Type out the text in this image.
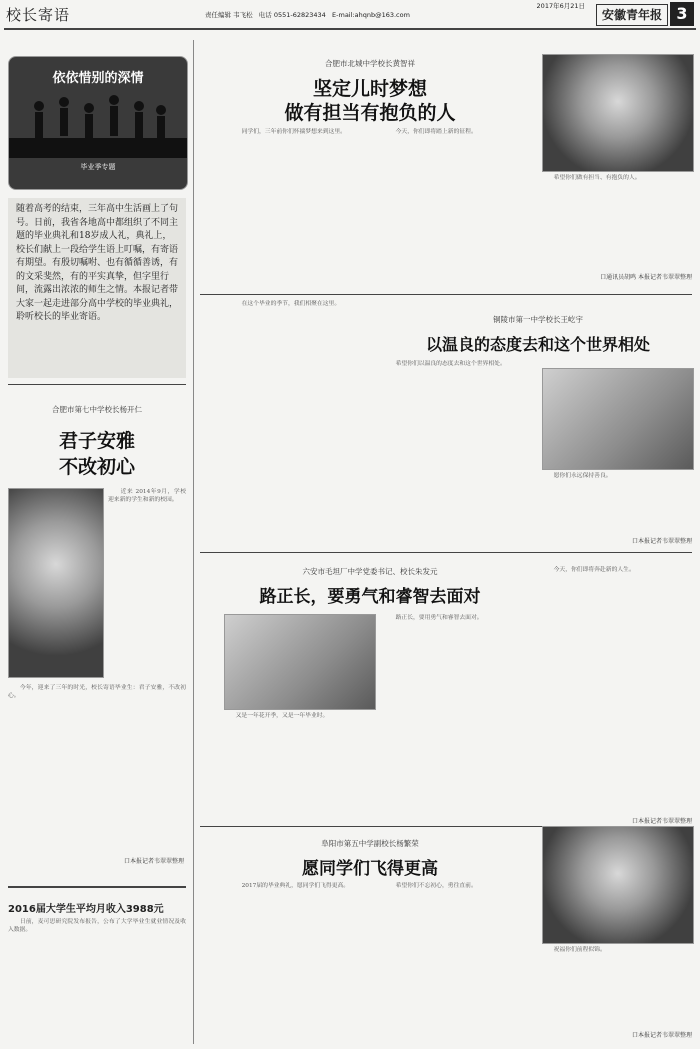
校长寄语	2017年6月21日
责任编辑 韦飞松 电话 0551-62823434 E-mail:ahqnb@163.com	安徽青年报 3
依依惜别的深情
毕业季专题
随着高考的结束，三年高中生活画上了句号。日前，我省各地高中都组织了不同主题的毕业典礼和18岁成人礼，典礼上，校长们献上一段给学生语上叮嘱，有寄语有期望。有殷切嘱咐、也有循循善诱，有的文采斐然，有的平实真挚，但字里行间，流露出浓浓的师生之情。本报记者带大家一起走进部分高中学校的毕业典礼，聆听校长的毕业寄语。
合肥市第七中学校长杨开仁
君子安雅
不改初心
　　近来 2014年9月，学校迎来新的学生和新的校园。
　　今年，迎来了三年的时光，校长寄语毕业生：君子安雅，不改初心。
口本报记者韦翠翠整理
2016届大学生平均月收入3988元
　　日前，麦可思研究院发布报告，公布了大学毕业生就业情况及收入数据。
合肥市北城中学校长黄智祥
坚定儿时梦想
做有担当有抱负的人
　　同学们，三年前你们怀揣梦想来到这里。	　　今天，你们即将踏上新的征程。
　　希望你们做有担当、有抱负的人。
口通讯员胡鸣 本报记者韦翠翠整理
　　在这个毕业的季节，我们相聚在这里。
铜陵市第一中学校长王屹宇
以温良的态度去和这个世界相处
　　希望你们以温良的态度去和这个世界相处。
　　愿你们永远保持善良。
口本报记者韦翠翠整理
六安市毛坦厂中学党委书记、校长朱发元
路正长，要勇气和睿智去面对
　　又是一年花开季，又是一年毕业时。
　　路正长，要用勇气和睿智去面对。
　　今天，你们即将奔赴新的人生。
口本报记者韦翠翠整理
阜阳市第五中学副校长杨繁荣
愿同学们飞得更高
　　2017届的毕业典礼，愿同学们飞得更高。	　　希望你们不忘初心，勇往直前。
　　祝福你们前程似锦。
口本报记者韦翠翠整理
